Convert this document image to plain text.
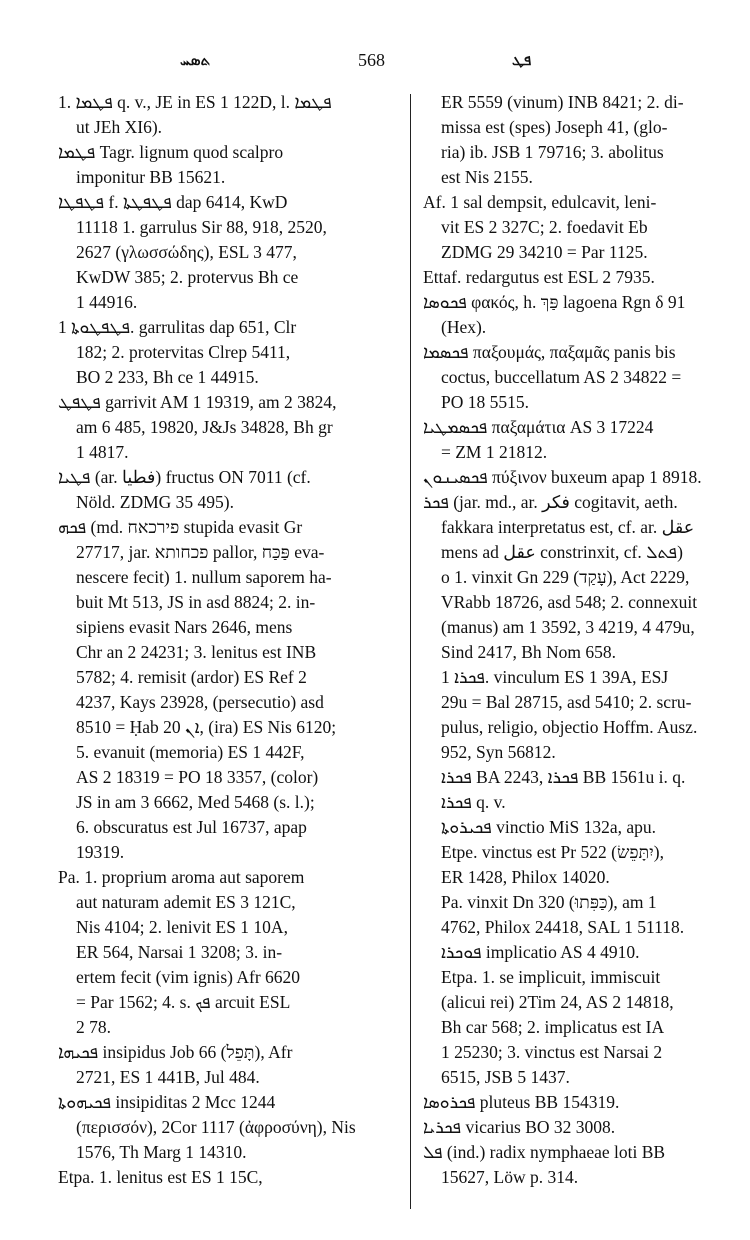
ܬܣܚ	568	ܦܛ
1. ܦܛܡܐ q. v., JE in ES 1 122D, l. ܦܛܡܐ
ut JEh XI6).
ܦܛܡܐ Tagr. lignum quod scalpro
imponitur BB 15621.
ܦܛܦܛܐ f. ܦܛܦܛܬܐ dap 6414, KwD
11118 1. garrulus Sir 88, 918, 2520,
2627 (γλωσσώδης), ESL 3 477,
KwDW 385; 2. protervus Bh ce
1 44916.
ܦܛܦܛܘܬܐ 1. garrulitas dap 651, Clr
182; 2. protervitas Clrep 5411,
BO 2 233, Bh ce 1 44915.
ܦܛܦܛ garrivit AM 1 19319, am 2 3824,
am 6 485, 19820, J&Js 34828, Bh gr
1 4817.
ܦܛܝܐ (ar. فطيا) fructus ON 7011 (cf.
Nöld. ZDMG 35 495).
ܦܟܗ (md. פירכאח stupida evasit Gr
27717, jar. פכחותא pallor, פַּכַּח eva-
nescere fecit) 1. nullum saporem ha-
buit Mt 513, JS in asd 8824; 2. in-
sipiens evasit Nars 2646, mens
Chr an 2 24231; 3. lenitus est INB
5782; 4. remisit (ardor) ES Ref 2
4237, Kays 23928, (persecutio) asd
8510 = Ḥab ܐܢ 20, (ira) ES Nis 6120;
5. evanuit (memoria) ES 1 442F,
AS 2 18319 = PO 18 3357, (color)
JS in am 3 6662, Med 5468 (s. l.);
6. obscuratus est Jul 16737, apap
19319.
Pa. 1. proprium aroma aut saporem
aut naturam ademit ES 3 121C,
Nis 4104; 2. lenivit ES 1 10A,
ER 564, Narsai 1 3208; 3. in-
ertem fecit (vim ignis) Afr 6620
= Par 1562; 4. s. ܦܟ arcuit ESL
2 78.
ܦܟܝܗܐ insipidus Job 66 (תָּפֵל), Afr
2721, ES 1 441B, Jul 484.
ܦܟܝܗܘܬܐ insipiditas 2 Mcc 1244
(περισσόν), 2Cor 1117 (ἀφροσύνη), Nis
1576, Th Marg 1 14310.
Etpa. 1. lenitus est ES 1 15C,
ER 5559 (vinum) INB 8421; 2. di-
missa est (spes) Joseph 41, (glo-
ria) ib. JSB 1 79716; 3. abolitus
est Nis 2155.
Af. 1 sal dempsit, edulcavit, leni-
vit ES 2 327C; 2. foedavit Eb
ZDMG 29 34210 = Par 1125.
Ettaf. redargutus est ESL 2 7935.
ܦܟܘܣܐ φακός, h. פַּךְ lagoena Rgn δ 91
(Hex).
ܦܟܣܡܐ παξουμάς, παξαμᾶς panis bis
coctus, buccellatum AS 2 34822 =
PO 18 5515.
ܦܟܣܡܛܝܐ παξαμάτια AS 3 17224
= ZM 1 21812.
ܦܟܣܝܢܘܢ πύξινον buxeum apap 1 8918.
ܦܟܪ (jar. md., ar. فكر cogitavit, aeth.
fakkara interpretatus est, cf. ar. عقل
mens ad عقل constrinxit, cf. ܦܬܠ)
o 1. vinxit Gn 229 (עָקַד), Act 2229,
VRabb 18726, asd 548; 2. connexuit
(manus) am 1 3592, 3 4219, 4 479u,
Sind 2417, Bh Nom 658.
ܦܟܪܐ 1. vinculum ES 1 39A, ESJ
29u = Bal 28715, asd 5410; 2. scru-
pulus, religio, objectio Hoffm. Ausz.
952, Syn 56812.
ܦܟܪܐ BA 2243, ܦܟܪܐ BB 1561u i. q.
ܦܟܪܐ q. v.
ܦܟܝܪܘܬܐ vinctio MiS 132a, apu.
Etpe. vinctus est Pr 522 (יִתָּפֵשׂ),
ER 1428, Philox 14020.
Pa. vinxit Dn 320 (כַּפִּתוּ), am 1
4762, Philox 24418, SAL 1 51118.
ܦܘܟܪܐ implicatio AS 4 4910.
Etpa. 1. se implicuit, immiscuit
(alicui rei) 2Tim 24, AS 2 14818,
Bh car 568; 2. implicatus est IA
1 25230; 3. vinctus est Narsai 2
6515, JSB 5 1437.
ܦܟܪܘܣܐ pluteus BB 154319.
ܦܟܪܝܐ vicarius BO 32 3008.
ܦܠ (ind.) radix nymphaeae loti BB
15627, Löw p. 314.
